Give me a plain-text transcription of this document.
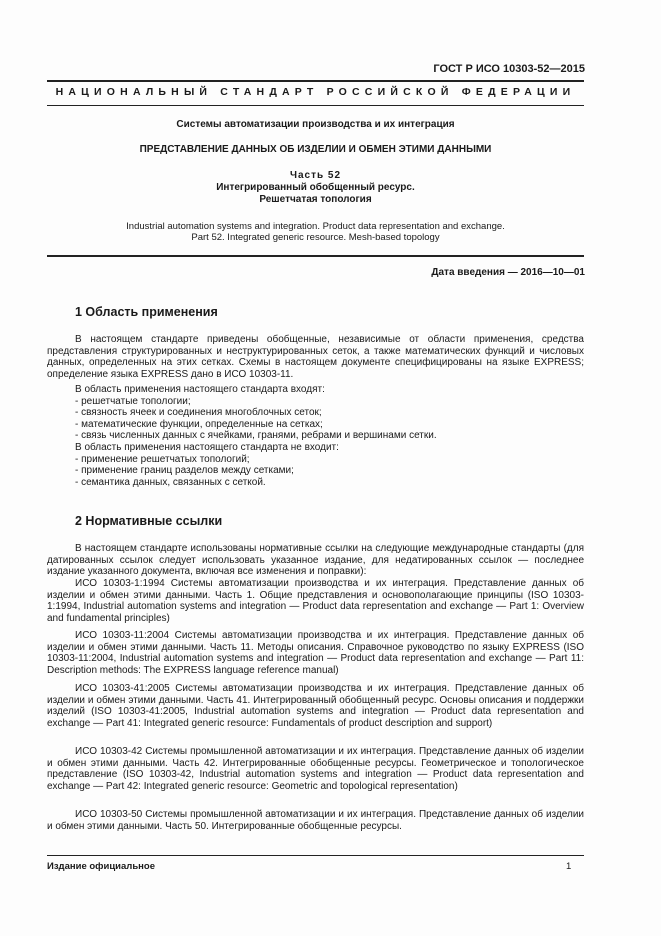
ГОСТ Р ИСО 10303-52—2015
НАЦИОНАЛЬНЫЙ СТАНДАРТ РОССИЙСКОЙ ФЕДЕРАЦИИ
Системы автоматизации производства и их интеграция
ПРЕДСТАВЛЕНИЕ ДАННЫХ ОБ ИЗДЕЛИИ И ОБМЕН ЭТИМИ ДАННЫМИ
Часть 52
Интегрированный обобщенный ресурс.
Решетчатая топология
Industrial automation systems and integration. Product data representation and exchange.
Part 52. Integrated generic resource. Mesh-based topology
Дата введения — 2016—10—01
1 Область применения

В настоящем стандарте приведены обобщенные, независимые от области применения, средства представления структурированных и неструктурированных сеток, а также математических функций и числовых данных, определенных на этих сетках. Схемы в настоящем документе специфицированы на языке EXPRESS; определение языка EXPRESS дано в ИСО 10303-11.

В область применения настоящего стандарта входят:

- решетчатые топологии;

- связность ячеек и соединения многоблочных сеток;

- математические функции, определенные на сетках;

- связь численных данных с ячейками, гранями, ребрами и вершинами сетки.

В область применения настоящего стандарта не входит:

- применение решетчатых топологий;

- применение границ разделов между сетками;

- семантика данных, связанных с сеткой.

2 Нормативные ссылки

В настоящем стандарте использованы нормативные ссылки на следующие международные стандарты (для датированных ссылок следует использовать указанное издание, для недатированных ссылок — последнее издание указанного документа, включая все изменения и поправки):

ИСО 10303-1:1994 Системы автоматизации производства и их интеграция. Представление данных об изделии и обмен этими данными. Часть 1. Общие представления и основополагающие принципы (ISO 10303-1:1994, Industrial automation systems and integration — Product data representation and exchange — Part 1: Overview and fundamental principles)

ИСО 10303-11:2004 Системы автоматизации производства и их интеграция. Представление данных об изделии и обмен этими данными. Часть 11. Методы описания. Справочное руководство по языку EXPRESS (ISO 10303-11:2004, Industrial automation systems and integration — Product data representation and exchange — Part 11: Description methods: The EXPRESS language reference manual)

ИСО 10303-41:2005 Системы автоматизации производства и их интеграция. Представление данных об изделии и обмен этими данными. Часть 41. Интегрированный обобщенный ресурс. Основы описания и поддержки изделий (ISO 10303-41:2005, Industrial automation systems and integration — Product data representation and exchange — Part 41: Integrated generic resource: Fundamentals of product description and support)

ИСО 10303-42 Системы промышленной автоматизации и их интеграция. Представление данных об изделии и обмен этими данными. Часть 42. Интегрированные обобщенные ресурсы. Геометрическое и топологическое представление (ISO 10303-42, Industrial automation systems and integration — Product data representation and exchange — Part 42: Integrated generic resource: Geometric and topological representation)

ИСО 10303-50 Системы промышленной автоматизации и их интеграция. Представление данных об изделии и обмен этими данными. Часть 50. Интегрированные обобщенные ресурсы.

Издание официальное	1
